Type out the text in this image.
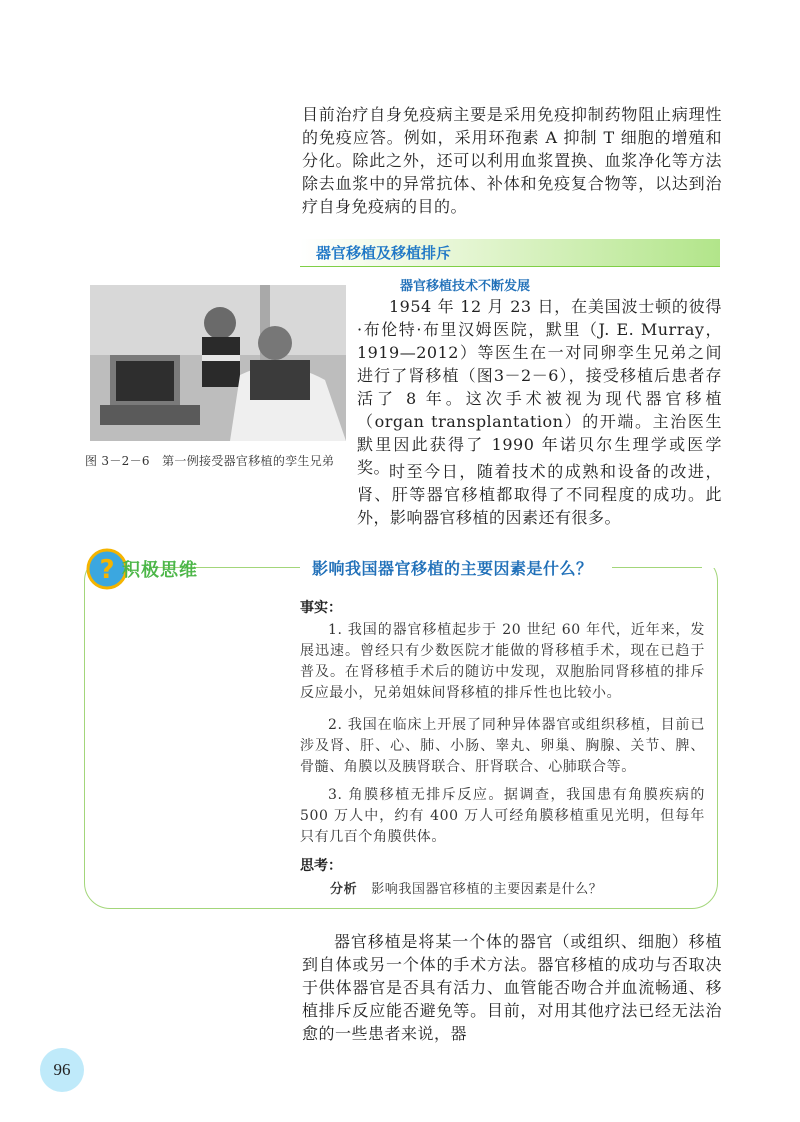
目前治疗自身免疫病主要是采用免疫抑制药物阻止病理性的免疫应答。例如，采用环孢素 A 抑制 T 细胞的增殖和分化。除此之外，还可以利用血浆置换、血浆净化等方法除去血浆中的异常抗体、补体和免疫复合物等，以达到治疗自身免疫病的目的。

器官移植及移植排斥
器官移植技术不断发展
图 3－2－6　第一例接受器官移植的孪生兄弟

1954 年 12 月 23 日，在美国波士顿的彼得·布伦特·布里汉姆医院，默里（J. E. Murray，1919—2012）等医生在一对同卵孪生兄弟之间进行了肾移植（图3－2－6），接受移植后患者存活了 8 年。这次手术被视为现代器官移植（organ transplantation）的开端。主治医生默里因此获得了 1990 年诺贝尔生理学或医学奖。

时至今日，随着技术的成熟和设备的改进，肾、肝等器官移植都取得了不同程度的成功。此外，影响器官移植的因素还有很多。

? 积极思维	影响我国器官移植的主要因素是什么？
事实：

1. 我国的器官移植起步于 20 世纪 60 年代，近年来，发展迅速。曾经只有少数医院才能做的肾移植手术，现在已趋于普及。在肾移植手术后的随访中发现，双胞胎同肾移植的排斥反应最小，兄弟姐妹间肾移植的排斥性也比较小。

2. 我国在临床上开展了同种异体器官或组织移植，目前已涉及肾、肝、心、肺、小肠、睾丸、卵巢、胸腺、关节、脾、骨髓、角膜以及胰肾联合、肝肾联合、心肺联合等。

3. 角膜移植无排斥反应。据调查，我国患有角膜疾病的 500 万人中，约有 400 万人可经角膜移植重见光明，但每年只有几百个角膜供体。

思考：
分析 影响我国器官移植的主要因素是什么？

器官移植是将某一个体的器官（或组织、细胞）移植到自体或另一个体的手术方法。器官移植的成功与否取决于供体器官是否具有活力、血管能否吻合并血流畅通、移植排斥反应能否避免等。目前，对用其他疗法已经无法治愈的一些患者来说，器

96
